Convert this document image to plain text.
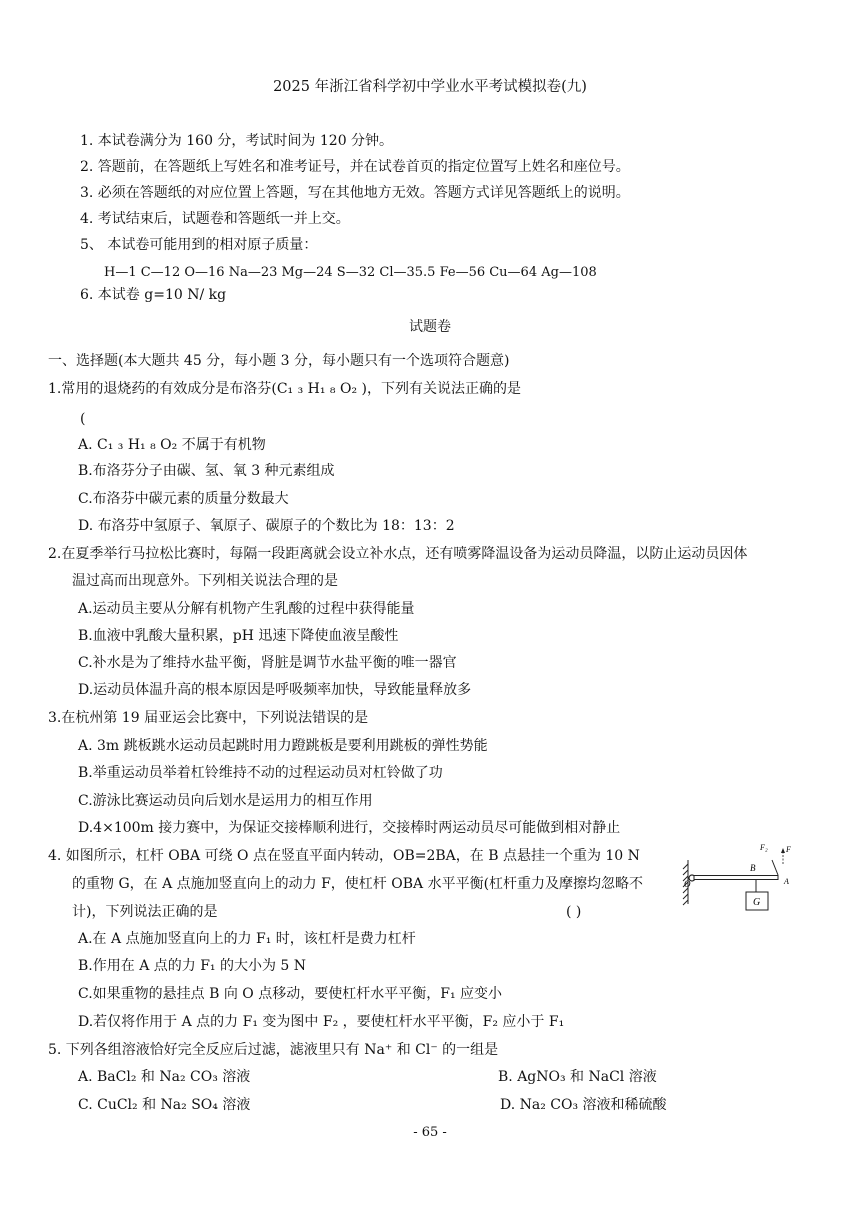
2025 年浙江省科学初中学业水平考试模拟卷(九)
1. 本试卷满分为 160 分，考试时间为 120 分钟。
2. 答题前，在答题纸上写姓名和准考证号，并在试卷首页的指定位置写上姓名和座位号。
3. 必须在答题纸的对应位置上答题，写在其他地方无效。答题方式详见答题纸上的说明。
4. 考试结束后，试题卷和答题纸一并上交。
5、 本试卷可能用到的相对原子质量：
H—1 C—12 O—16 Na—23 Mg—24 S—32 Cl—35.5 Fe—56 Cu—64 Ag—108
6. 本试卷 g=10 N/ kg
试题卷
一、选择题(本大题共 45 分，每小题 3 分，每小题只有一个选项符合题意)
1.常用的退烧药的有效成分是布洛芬(C₁ ₃ H₁ ₈ O₂ )，下列有关说法正确的是
(
A. C₁ ₃ H₁ ₈ O₂ 不属于有机物
B.布洛芬分子由碳、氢、氧 3 种元素组成
C.布洛芬中碳元素的质量分数最大
D. 布洛芬中氢原子、氧原子、碳原子的个数比为 18：13：2
2.在夏季举行马拉松比赛时，每隔一段距离就会设立补水点，还有喷雾降温设备为运动员降温，以防止运动员因体
温过高而出现意外。下列相关说法合理的是
A.运动员主要从分解有机物产生乳酸的过程中获得能量
B.血液中乳酸大量积累，pH 迅速下降使血液呈酸性
C.补水是为了维持水盐平衡，肾脏是调节水盐平衡的唯一器官
D.运动员体温升高的根本原因是呼吸频率加快，导致能量释放多
3.在杭州第 19 届亚运会比赛中，下列说法错误的是
A. 3m 跳板跳水运动员起跳时用力蹬跳板是要利用跳板的弹性势能
B.举重运动员举着杠铃维持不动的过程运动员对杠铃做了功
C.游泳比赛运动员向后划水是运用力的相互作用
D.4×100m 接力赛中，为保证交接棒顺利进行，交接棒时两运动员尽可能做到相对静止
4. 如图所示，杠杆 OBA 可绕 O 点在竖直平面内转动，OB=2BA，在 B 点悬挂一个重为 10 N
的重物 G，在 A 点施加竖直向上的动力 F，使杠杆 OBA 水平平衡(杠杆重力及摩擦均忽略不
计)，下列说法正确的是	( )
A.在 A 点施加竖直向上的力 F₁ 时，该杠杆是费力杠杆
B.作用在 A 点的力 F₁ 的大小为 5 N
C.如果重物的悬挂点 B 向 O 点移动，要使杠杆水平平衡，F₁ 应变小
D.若仅将作用于 A 点的力 F₁ 变为图中 F₂ ，要使杠杆水平平衡，F₂ 应小于 F₁
O
B
A
G
F₂ F
5. 下列各组溶液恰好完全反应后过滤，滤液里只有 Na⁺ 和 Cl⁻ 的一组是
A. BaCl₂ 和 Na₂ CO₃ 溶液	B. AgNO₃ 和 NaCl 溶液
C. CuCl₂ 和 Na₂ SO₄ 溶液	D. Na₂ CO₃ 溶液和稀硫酸
- 65 -
